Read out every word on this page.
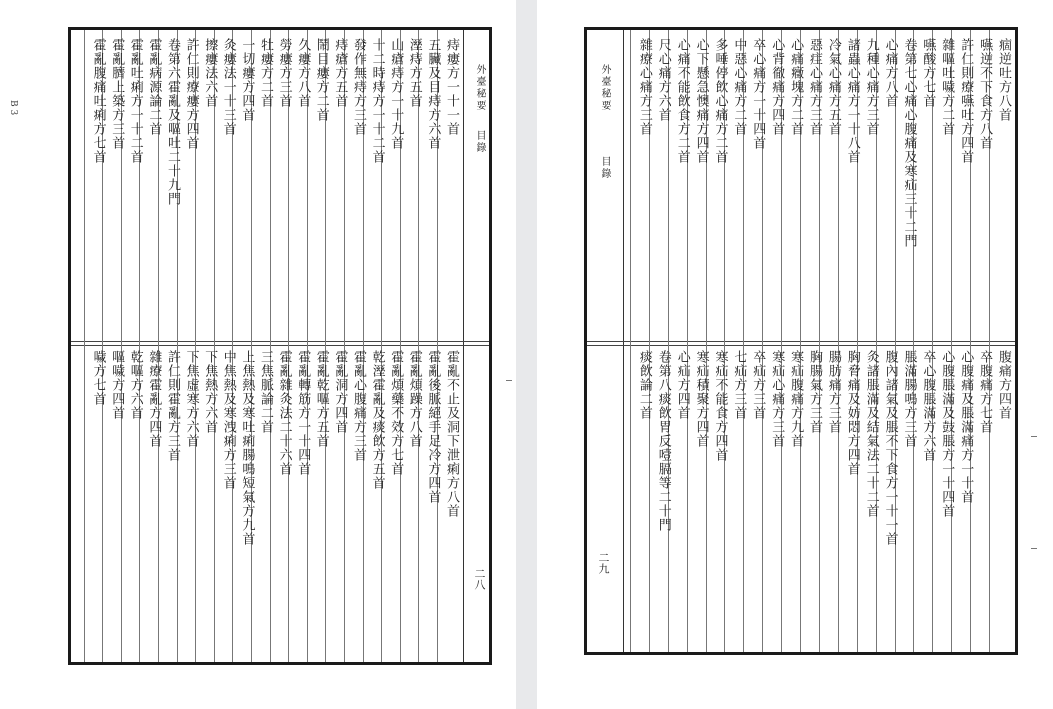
B 3	外臺秘要
目錄
二八
痔瘻方一十一首
霍亂不止及洞下泄痢方八首
五臟及目痔方六首
霍亂後脈絕手足冷方四首
溼痔方五首
霍亂煩躁方八首
山瘡痔方一十九首
霍亂煩藥不效方七首
十二時痔方一十二首
乾溼霍亂及痰飲方五首
發作無痔方三首
霍亂心腹痛方三首
痔瘡方五首
霍亂洞方四首
鬧目瘻方二首
霍亂乾嘔方五首
久瘻方八首
霍亂轉筋方一十四首
勞瘻方三首
霍亂雜灸法二十六首
牡瘻方二首
三焦脈論二首
一切瘻方四首
上焦熱及寒吐痢腸鳴短氣方九首
灸瘻法一十三首
中焦熱及寒洩痢方三首
擦瘻法六首
下焦熱方六首
許仁則療瘻方四首
下焦虛寒方六首
卷第六霍亂及嘔吐二十九門
許仁則霍亂方三首
霍亂病源論二首
雜療霍亂方四首
霍亂吐痢方一十二首
乾嘔方六首
霍亂臍上築方三首
嘔噦方四首
霍亂腹痛吐痢方七首
噦方七首
外臺秘要
目錄
二九
痼逆吐方八首
腹痛方四首
嚥逆不下食方八首
卒腹痛方七首
許仁則療嚥吐方四首
心腹痛及脹滿痛方一十首
雜嘔吐噦方二首
心腹脹滿及鼓脹方一十四首
嚥酸方七首
卒心腹脹滿方六首
卷第七心痛心腹痛及寒疝三十二門
脹滿腸鳴方三首
心痛方八首
腹內諸氣及脹不下食方一十一首
九種心痛方三首
灸諸脹滿及結氣法二十二首
諸蟲心痛方一十八首
胸脅痛及妨悶方四首
冷氣心痛方五首
腸肪痛方三首
惡疰心痛方三首
胸腸氣方三首
心痛癥塊方二首
寒疝腹痛方九首
心背徹痛方四首
寒疝心痛方三首
卒心痛方一十四首
卒疝方三首
中惡心痛方二首
七疝方三首
多唾停飲心痛方二首
寒疝不能食方四首
心下懸急懊痛方四首
寒疝積聚方四首
心痛不能飲食方二首
心疝方四首
尺心痛方六首
卷第八痰飲胃反噎膈等二十門
雜療心痛方三首
痰飲論二首
